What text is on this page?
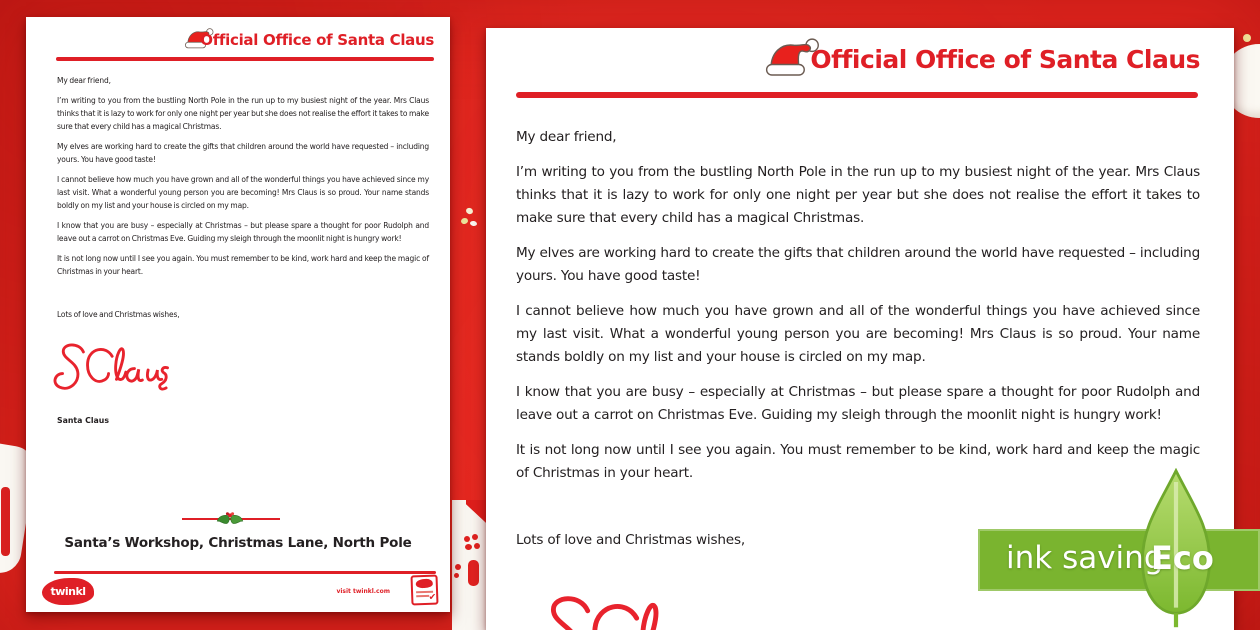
Official Office of Santa Claus

My dear friend,

I’m writing to you from the bustling North Pole in the run up to my busiest night of the year. Mrs Claus thinks that it is lazy to work for only one night per year but she does not realise the effort it takes to make sure that every child has a magical Christmas.

My elves are working hard to create the gifts that children around the world have requested – including yours. You have good taste!

I cannot believe how much you have grown and all of the wonderful things you have achieved since my last visit. What a wonderful young person you are becoming! Mrs Claus is so proud. Your name stands boldly on my list and your house is circled on my map.

I know that you are busy – especially at Christmas – but please spare a thought for poor Rudolph and leave out a carrot on Christmas Eve. Guiding my sleigh through the moonlit night is hungry work!

It is not long now until I see you again. You must remember to be kind, work hard and keep the magic of Christmas in your heart.

Lots of love and Christmas wishes,

Santa Claus
Santa’s Workshop, Christmas Lane, North Pole
twinkl	visit twinkl.com
✔
Official Office of Santa Claus

My dear friend,

I’m writing to you from the bustling North Pole in the run up to my busiest night of the year. Mrs Claus thinks that it is lazy to work for only one night per year but she does not realise the effort it takes to make sure that every child has a magical Christmas.

My elves are working hard to create the gifts that children around the world have requested – including yours. You have good taste!

I cannot believe how much you have grown and all of the wonderful things you have achieved since my last visit. What a wonderful young person you are becoming! Mrs Claus is so proud. Your name stands boldly on my list and your house is circled on my map.

I know that you are busy – especially at Christmas – but please spare a thought for poor Rudolph and leave out a carrot on Christmas Eve. Guiding my sleigh through the moonlit night is hungry work!

It is not long now until I see you again. You must remember to be kind, work hard and keep the magic of Christmas in your heart.

Lots of love and Christmas wishes,	ink saving
Eco
